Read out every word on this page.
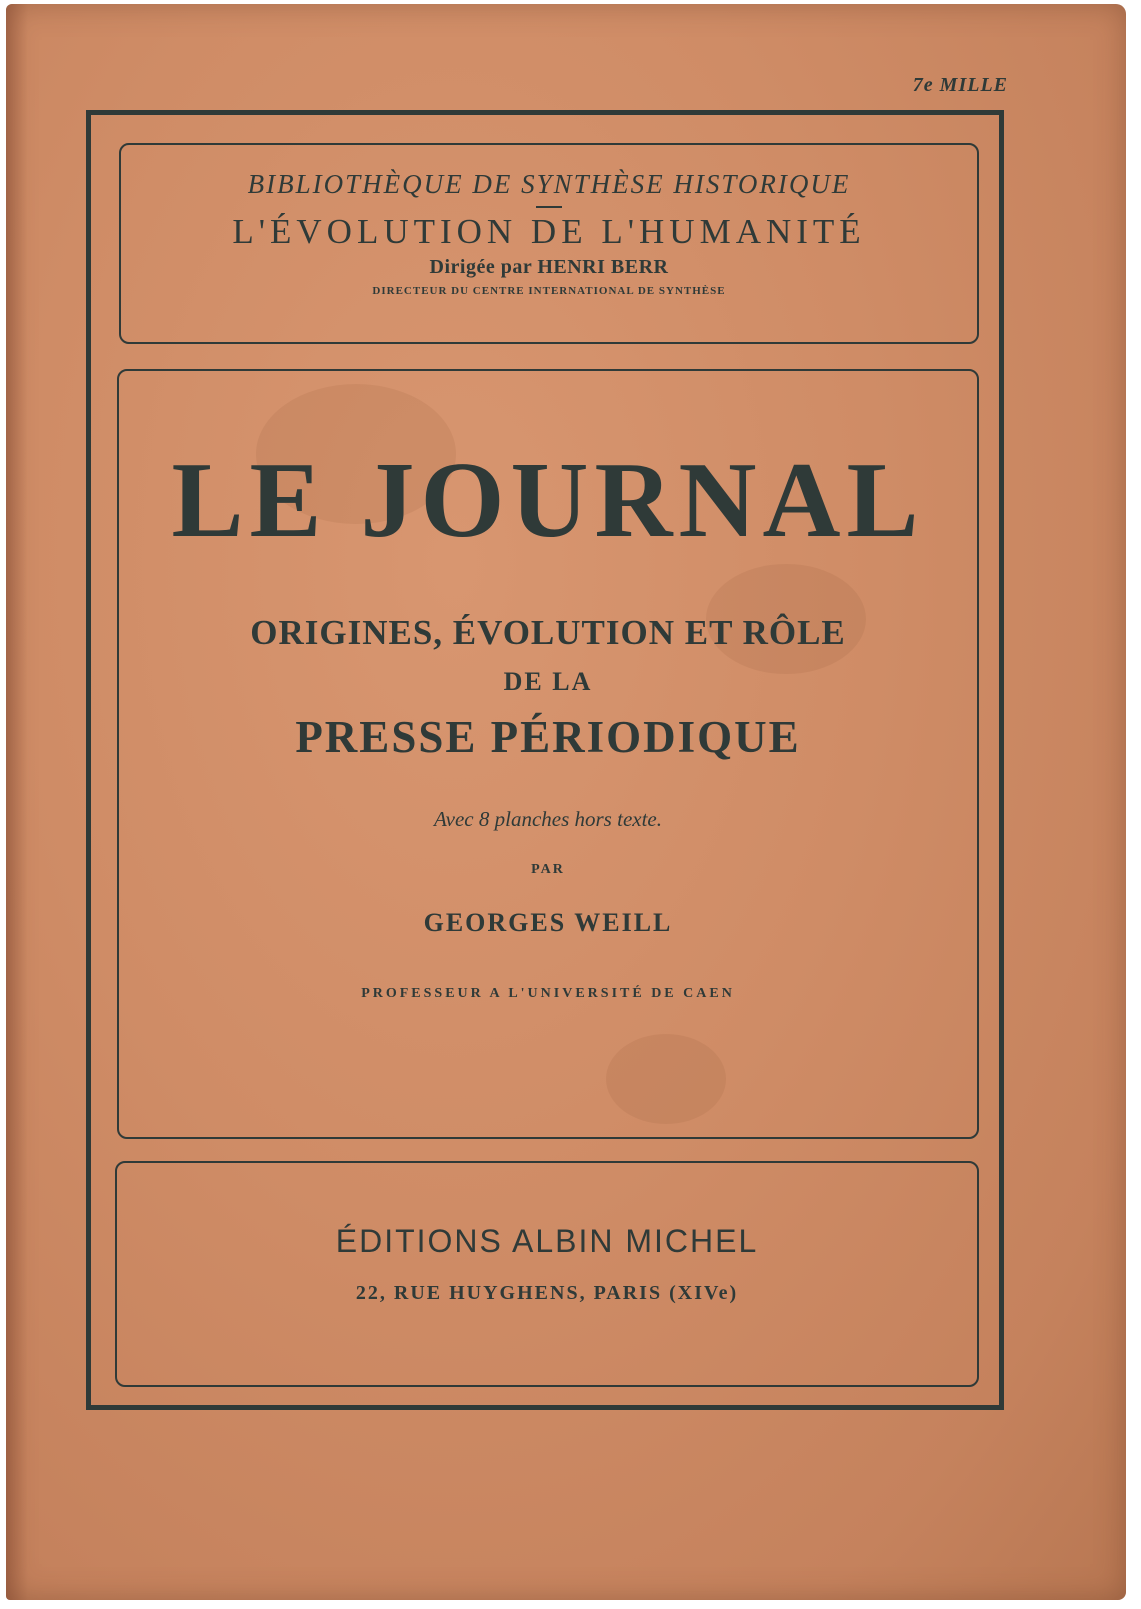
7e MILLE
BIBLIOTHÈQUE DE SYNTHÈSE HISTORIQUE
L'ÉVOLUTION DE L'HUMANITÉ
Dirigée par HENRI BERR
DIRECTEUR DU CENTRE INTERNATIONAL DE SYNTHÈSE
LE JOURNAL
ORIGINES, ÉVOLUTION ET RÔLE
DE LA
PRESSE PÉRIODIQUE
Avec 8 planches hors texte.
PAR
GEORGES WEILL
PROFESSEUR A L'UNIVERSITÉ DE CAEN
ÉDITIONS ALBIN MICHEL
22, RUE HUYGHENS, PARIS (XIVe)
